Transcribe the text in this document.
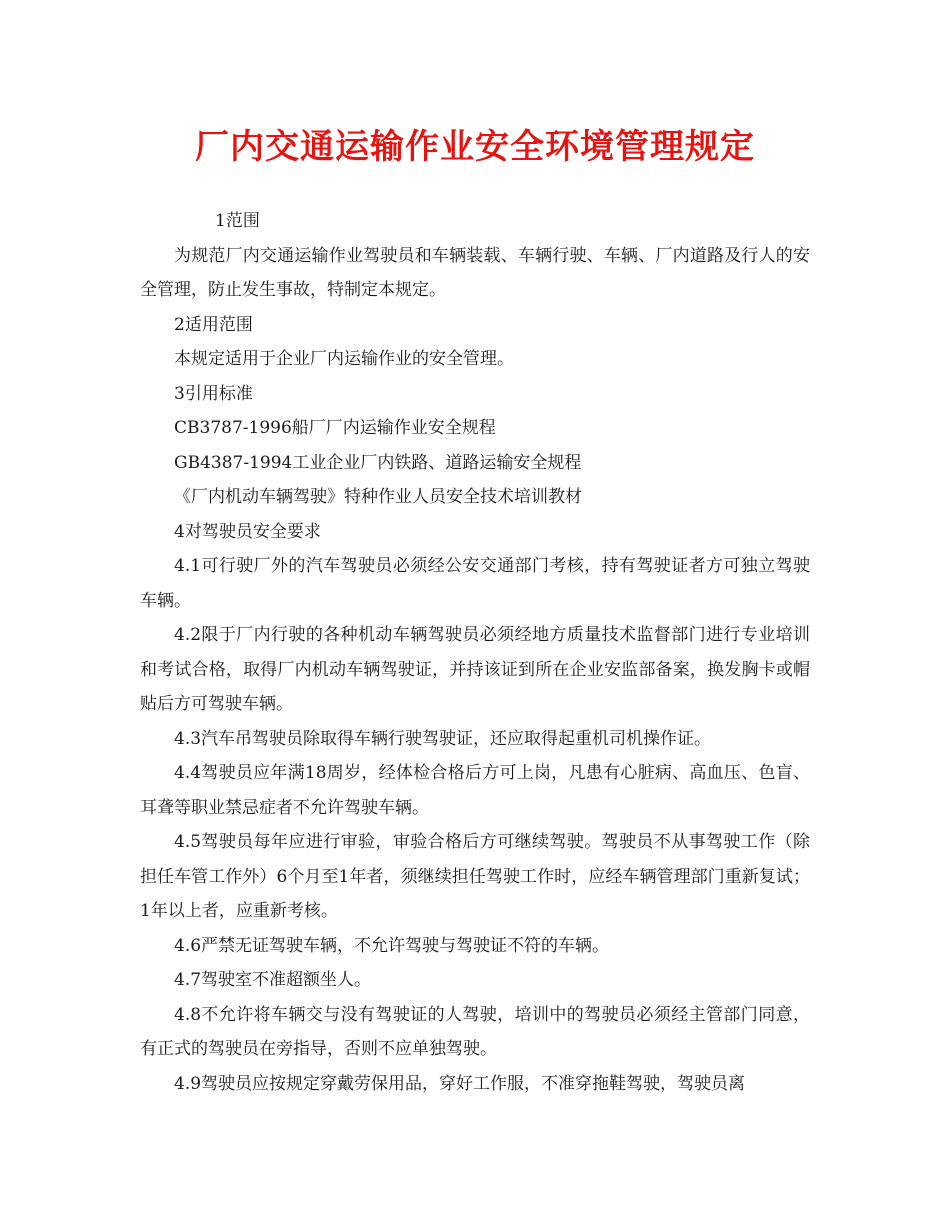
厂内交通运输作业安全环境管理规定

1范围

为规范厂内交通运输作业驾驶员和车辆装载、车辆行驶、车辆、厂内道路及行人的安全管理，防止发生事故，特制定本规定。

2适用范围

本规定适用于企业厂内运输作业的安全管理。

3引用标准

CB3787-1996船厂厂内运输作业安全规程

GB4387-1994工业企业厂内铁路、道路运输安全规程

《厂内机动车辆驾驶》特种作业人员安全技术培训教材

4对驾驶员安全要求

4.1可行驶厂外的汽车驾驶员必须经公安交通部门考核，持有驾驶证者方可独立驾驶车辆。

4.2限于厂内行驶的各种机动车辆驾驶员必须经地方质量技术监督部门进行专业培训和考试合格，取得厂内机动车辆驾驶证，并持该证到所在企业安监部备案，换发胸卡或帽贴后方可驾驶车辆。

4.3汽车吊驾驶员除取得车辆行驶驾驶证，还应取得起重机司机操作证。

4.4驾驶员应年满18周岁，经体检合格后方可上岗，凡患有心脏病、高血压、色盲、耳聋等职业禁忌症者不允许驾驶车辆。

4.5驾驶员每年应进行审验，审验合格后方可继续驾驶。驾驶员不从事驾驶工作（除担任车管工作外）6个月至1年者，须继续担任驾驶工作时，应经车辆管理部门重新复试；1年以上者，应重新考核。

4.6严禁无证驾驶车辆，不允许驾驶与驾驶证不符的车辆。

4.7驾驶室不准超额坐人。

4.8不允许将车辆交与没有驾驶证的人驾驶，培训中的驾驶员必须经主管部门同意，有正式的驾驶员在旁指导，否则不应单独驾驶。

4.9驾驶员应按规定穿戴劳保用品，穿好工作服，不准穿拖鞋驾驶，驾驶员离
